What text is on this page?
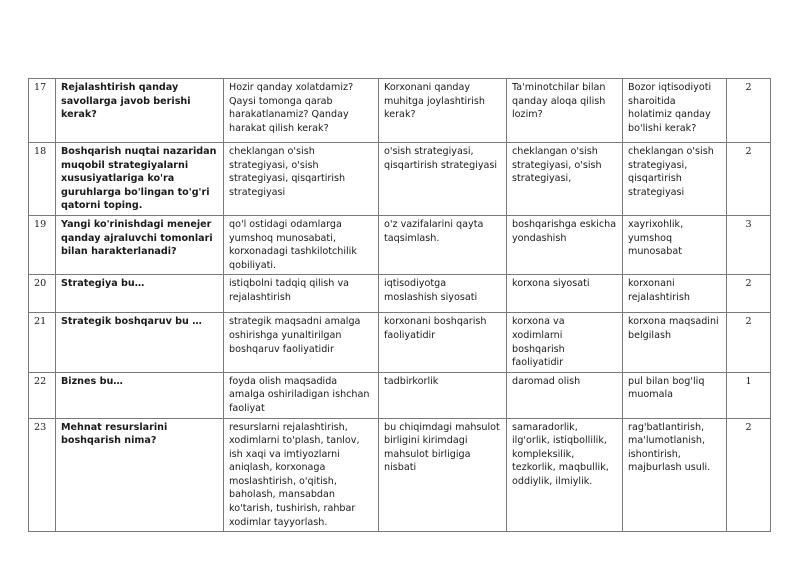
17	Rejalashtirish qanday savollarga javob berishi kerak?	Hozir qanday xolatdamiz? Qaysi tomonga qarab harakatlanamiz? Qanday harakat qilish kerak?	Korxonani qanday muhitga joylashtirish kerak?	Ta'minotchilar bilan qanday aloqa qilish lozim?	Bozor iqtisodiyoti sharoitida holatimiz qanday bo'lishi kerak?	2
18	Boshqarish nuqtai nazaridan muqobil strategiyalarni xususiyatlariga ko'ra guruhlarga bo'lingan to'g'ri qatorni toping.	cheklangan o'sish strategiyasi, o'sish strategiyasi, qisqartirish strategiyasi	o'sish strategiyasi, qisqartirish strategiyasi	cheklangan o'sish strategiyasi, o'sish strategiyasi,	cheklangan o'sish strategiyasi, qisqartirish strategiyasi	2
19	Yangi ko'rinishdagi menejer qanday ajraluvchi tomonlari bilan harakterlanadi?	qo'l ostidagi odamlarga yumshoq munosabati, korxonadagi tashkilotchilik qobiliyati.	o'z vazifalarini qayta taqsimlash.	boshqarishga eskicha yondashish	xayrixohlik, yumshoq munosabat	3
20	Strategiya bu…	istiqbolni tadqiq qilish va rejalashtirish	iqtisodiyotga moslashish siyosati	korxona siyosati	korxonani rejalashtirish	2
21	Strategik boshqaruv bu …	strategik maqsadni amalga oshirishga yunaltirilgan boshqaruv faoliyatidir	korxonani boshqarish faoliyatidir	korxona va xodimlarni boshqarish faoliyatidir	korxona maqsadini belgilash	2
22	Biznes bu…	foyda olish maqsadida amalga oshiriladigan ishchan faoliyat	tadbirkorlik	daromad olish	pul bilan bog'liq muomala	1
23	Mehnat resurslarini boshqarish nima?	resurslarni rejalashtirish, xodimlarni to'plash, tanlov, ish xaqi va imtiyozlarni aniqlash, korxonaga moslashtirish, o'qitish, baholash, mansabdan ko'tarish, tushirish, rahbar xodimlar tayyorlash.	bu chiqimdagi mahsulot birligini kirimdagi mahsulot birligiga nisbati	samaradorlik, ilg'orlik, istiqbollilik, kompleksilik, tezkorlik, maqbullik, oddiylik, ilmiylik.	rag'batlantirish, ma'lumotlanish, ishontirish, majburlash usuli.	2
